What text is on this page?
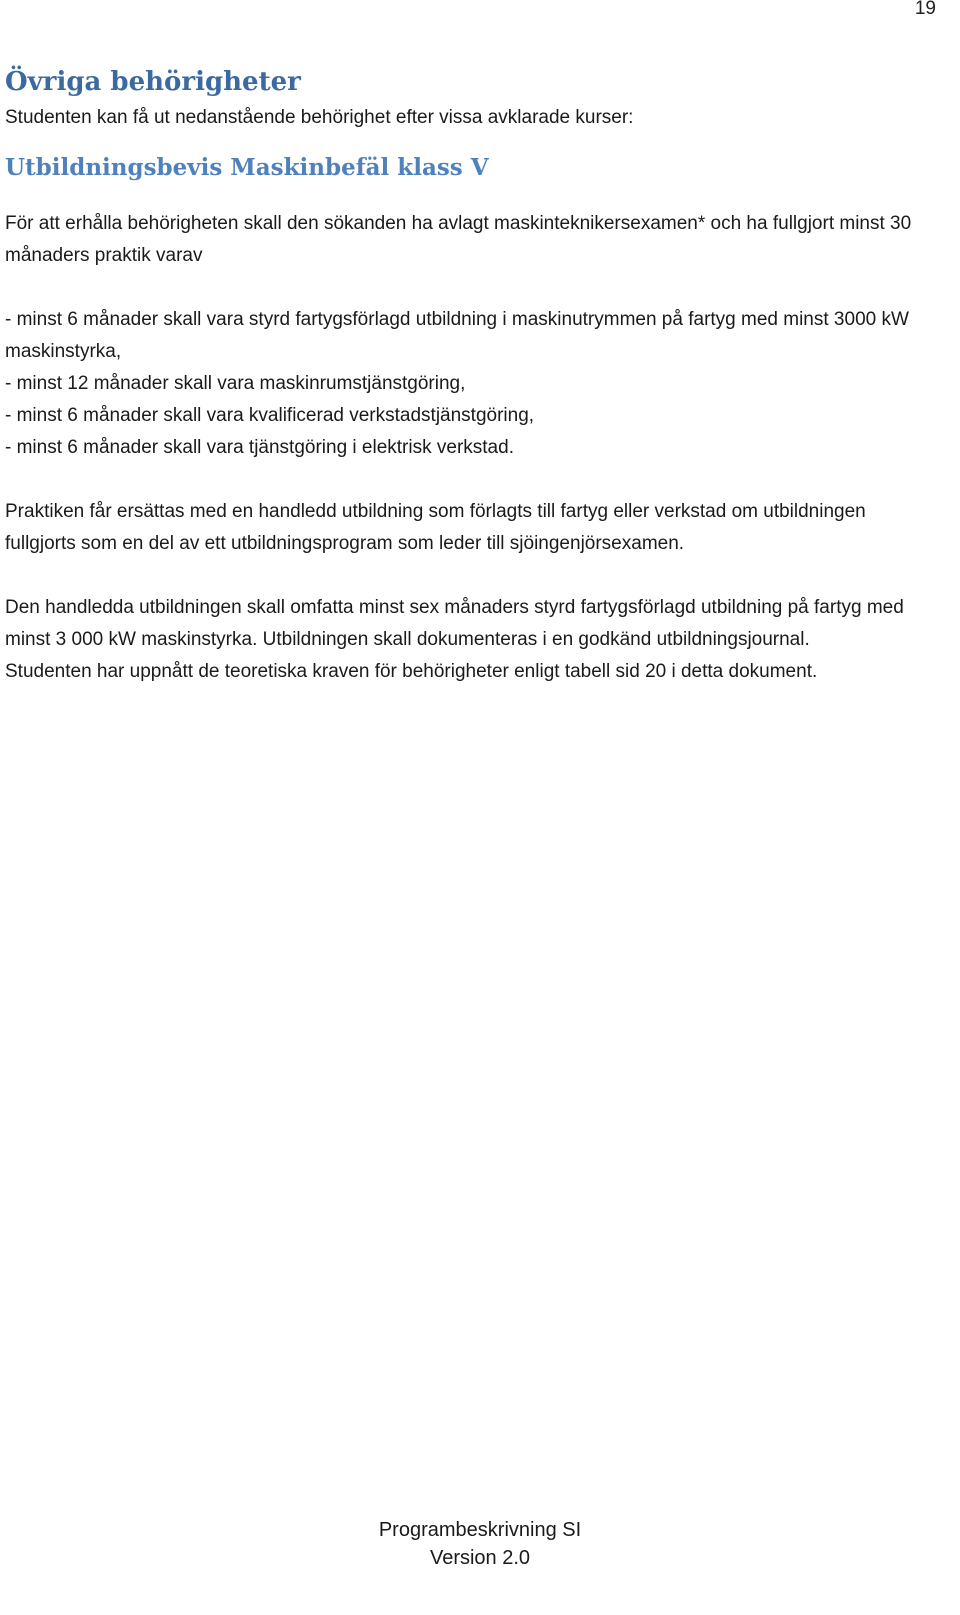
19
Övriga behörigheter

Studenten kan få ut nedanstående behörighet efter vissa avklarade kurser:

Utbildningsbevis Maskinbefäl klass V

För att erhålla behörigheten skall den sökanden ha avlagt maskinteknikersexamen* och ha fullgjort minst 30 månaders praktik varav

- minst 6 månader skall vara styrd fartygsförlagd utbildning i maskinutrymmen på fartyg med minst 3000 kW maskinstyrka,
- minst 12 månader skall vara maskinrumstjänstgöring,
- minst 6 månader skall vara kvalificerad verkstadstjänstgöring,
- minst 6 månader skall vara tjänstgöring i elektrisk verkstad.

Praktiken får ersättas med en handledd utbildning som förlagts till fartyg eller verkstad om utbildningen fullgjorts som en del av ett utbildningsprogram som leder till sjöingenjörsexamen.

Den handledda utbildningen skall omfatta minst sex månaders styrd fartygsförlagd utbildning på fartyg med minst 3 000 kW maskinstyrka. Utbildningen skall dokumenteras i en godkänd utbildningsjournal.

Studenten har uppnått de teoretiska kraven för behörigheter enligt tabell sid 20 i detta dokument.

Programbeskrivning SI
Version 2.0
